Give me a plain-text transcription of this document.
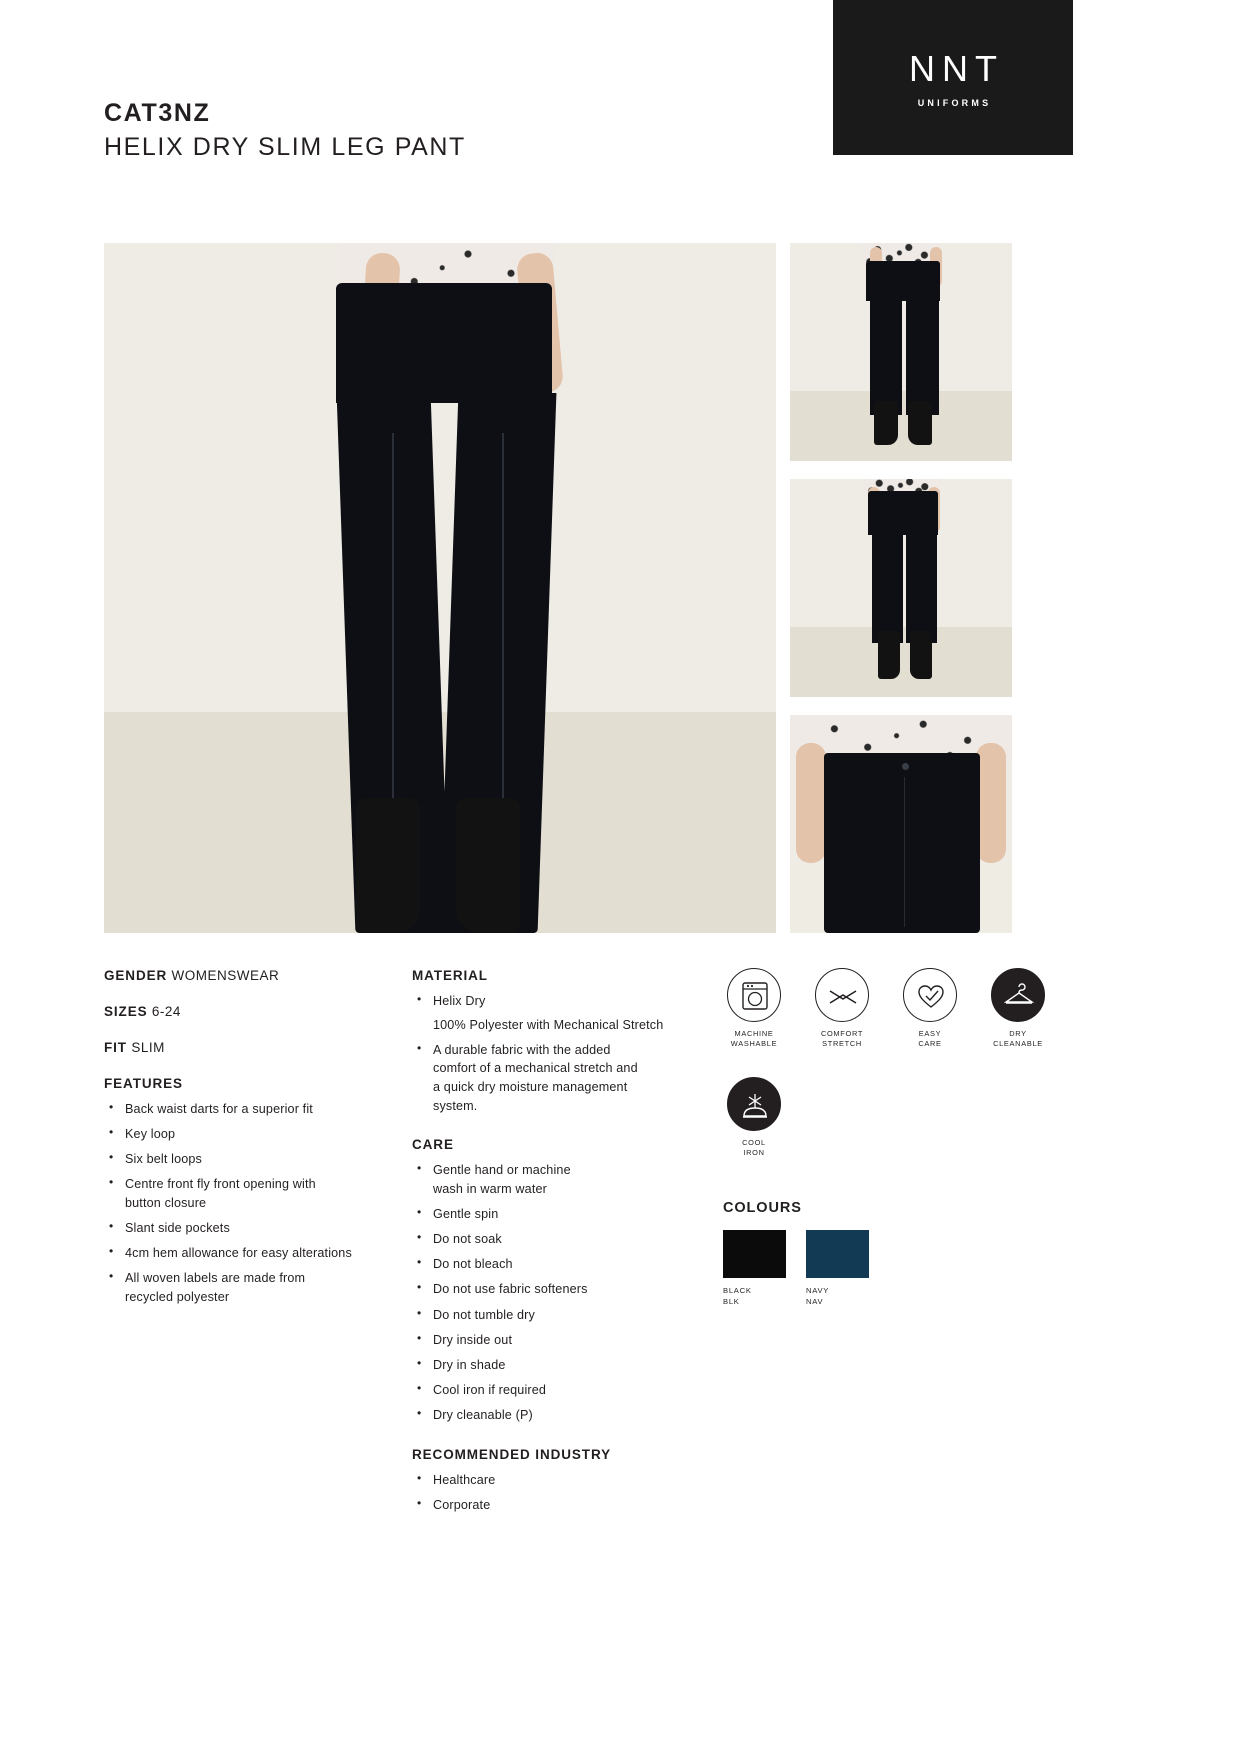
NNT
UNIFORMS
CAT3NZ
HELIX DRY SLIM LEG PANT
GENDER WOMENSWEAR
SIZES 6-24
FIT SLIM
FEATURES
• Back waist darts for a superior fit
• Key loop
• Six belt loops
• Centre front fly front opening with button closure
• Slant side pockets
• 4cm hem allowance for easy alterations
• All woven labels are made from recycled polyester
MATERIAL
• Helix Dry
100% Polyester with Mechanical Stretch
• A durable fabric with the added comfort of a mechanical stretch and a quick dry moisture management system.
CARE
• Gentle hand or machine wash in warm water
• Gentle spin
• Do not soak
• Do not bleach
• Do not use fabric softeners
• Do not tumble dry
• Dry inside out
• Dry in shade
• Cool iron if required
• Dry cleanable (P)
RECOMMENDED INDUSTRY
• Healthcare
• Corporate
MACHINE
WASHABLE
COMFORT
STRETCH
EASY
CARE
DRY
CLEANABLE
COOL
IRON
COLOURS
BLACK
BLK
NAVY
NAV
